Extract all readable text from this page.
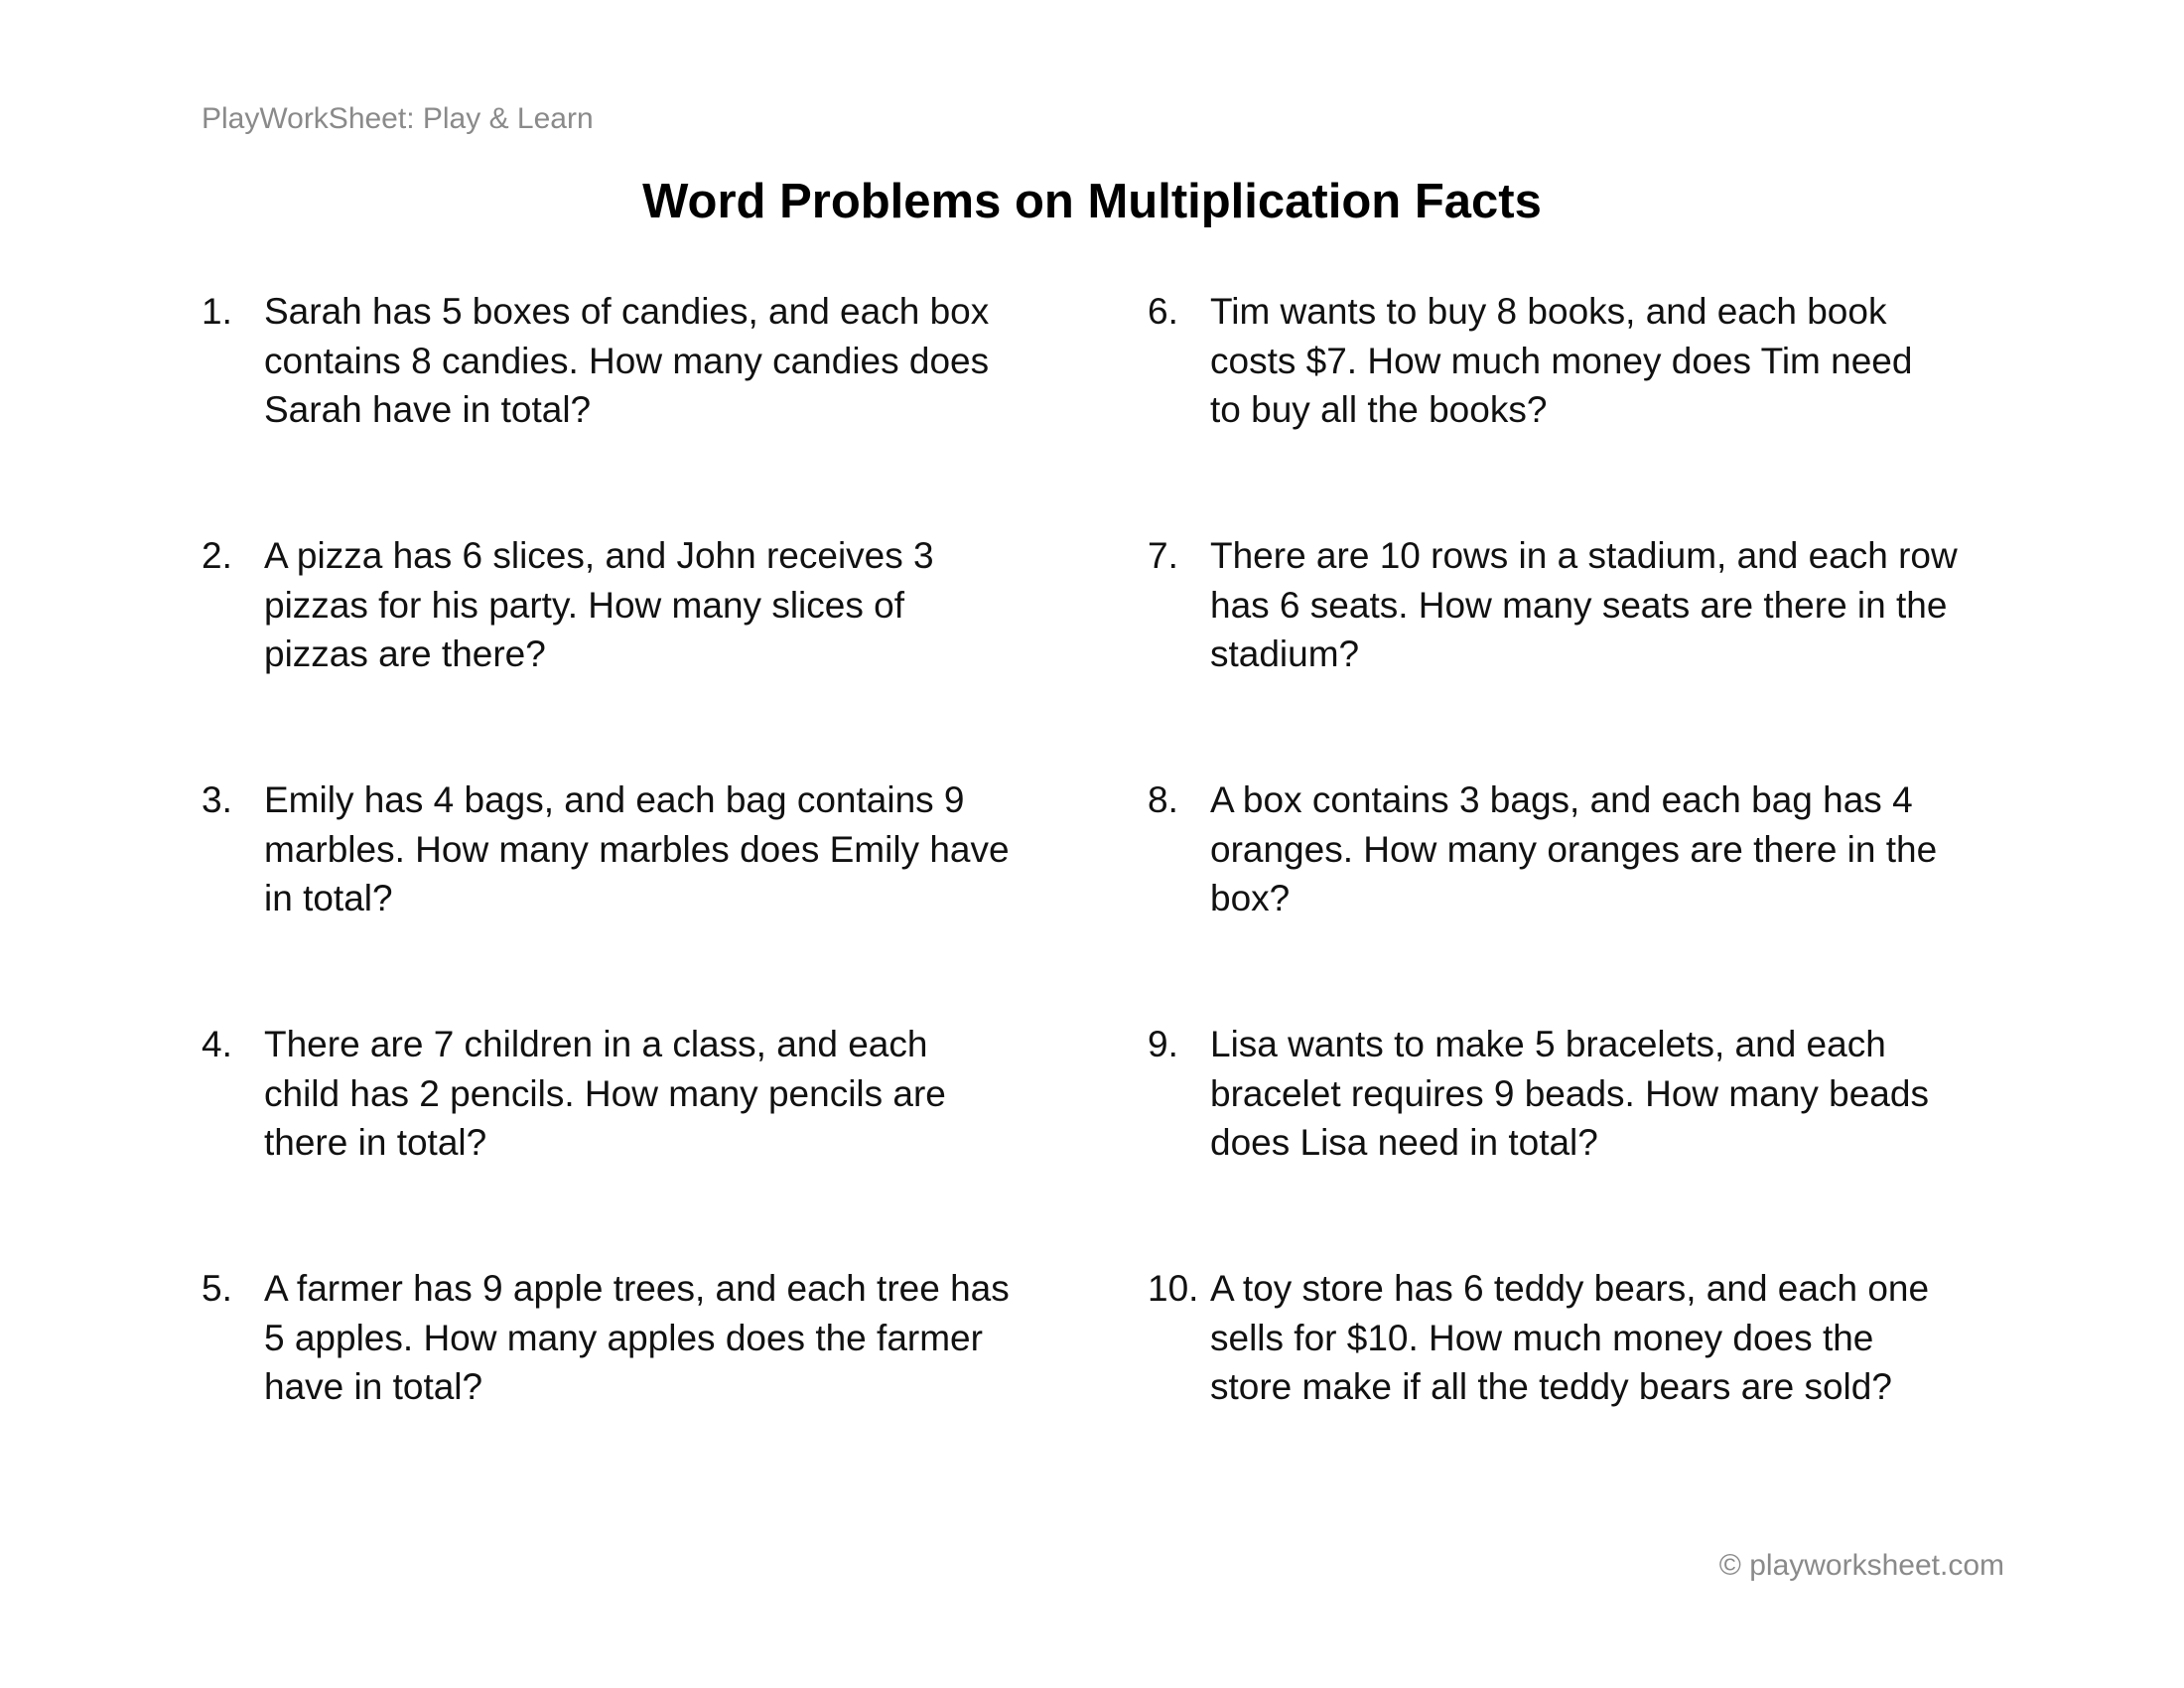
PlayWorkSheet: Play & Learn
Word Problems on Multiplication Facts
1. Sarah has 5 boxes of candies, and each box
contains 8 candies. How many candies does
Sarah have in total?
2. A pizza has 6 slices, and John receives 3
pizzas for his party. How many slices of
pizzas are there?
3. Emily has 4 bags, and each bag contains 9
marbles. How many marbles does Emily have
in total?
4. There are 7 children in a class, and each
child has 2 pencils. How many pencils are
there in total?
5. A farmer has 9 apple trees, and each tree has
5 apples. How many apples does the farmer
have in total?
6. Tim wants to buy 8 books, and each book
costs $7. How much money does Tim need
to buy all the books?
7. There are 10 rows in a stadium, and each row
has 6 seats. How many seats are there in the
stadium?
8. A box contains 3 bags, and each bag has 4
oranges. How many oranges are there in the
box?
9. Lisa wants to make 5 bracelets, and each
bracelet requires 9 beads. How many beads
does Lisa need in total?
10. A toy store has 6 teddy bears, and each one
sells for $10. How much money does the
store make if all the teddy bears are sold?
© playworksheet.com
